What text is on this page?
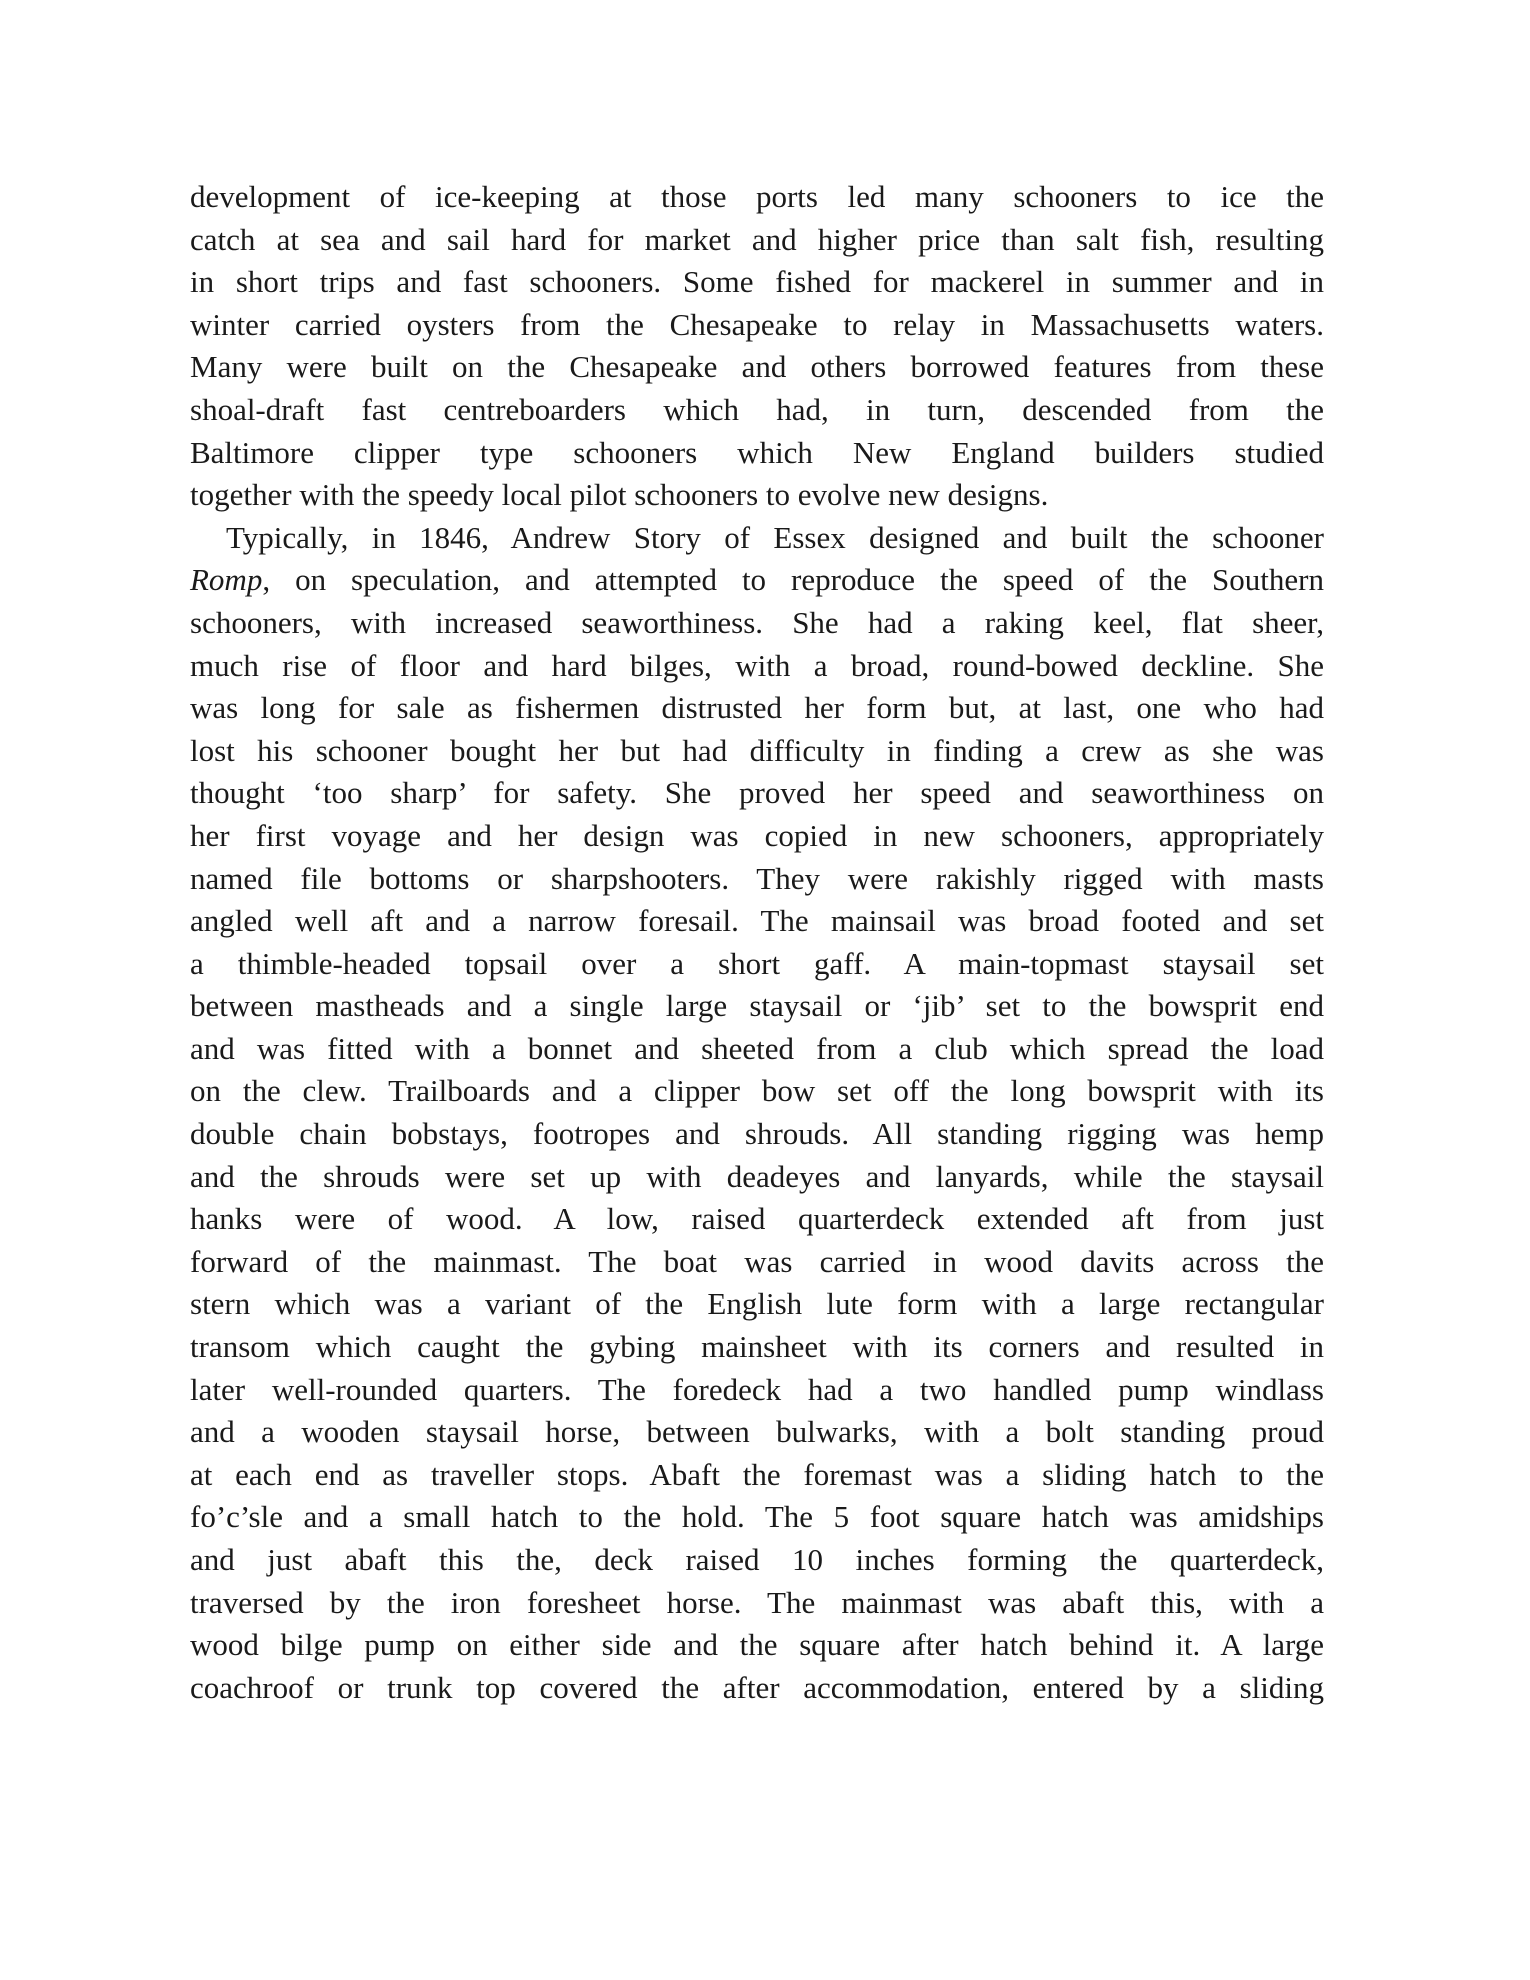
development of ice-keeping at those ports led many schooners to ice the
catch at sea and sail hard for market and higher price than salt fish, resulting
in short trips and fast schooners. Some fished for mackerel in summer and in
winter carried oysters from the Chesapeake to relay in Massachusetts waters.
Many were built on the Chesapeake and others borrowed features from these
shoal-draft fast centreboarders which had, in turn, descended from the
Baltimore clipper type schooners which New England builders studied
together with the speedy local pilot schooners to evolve new designs.
Typically, in 1846, Andrew Story of Essex designed and built the schooner
Romp, on speculation, and attempted to reproduce the speed of the Southern
schooners, with increased seaworthiness. She had a raking keel, flat sheer,
much rise of floor and hard bilges, with a broad, round-bowed deckline. She
was long for sale as fishermen distrusted her form but, at last, one who had
lost his schooner bought her but had difficulty in finding a crew as she was
thought ‘too sharp’ for safety. She proved her speed and seaworthiness on
her first voyage and her design was copied in new schooners, appropriately
named file bottoms or sharpshooters. They were rakishly rigged with masts
angled well aft and a narrow foresail. The mainsail was broad footed and set
a thimble-headed topsail over a short gaff. A main-topmast staysail set
between mastheads and a single large staysail or ‘jib’ set to the bowsprit end
and was fitted with a bonnet and sheeted from a club which spread the load
on the clew. Trailboards and a clipper bow set off the long bowsprit with its
double chain bobstays, footropes and shrouds. All standing rigging was hemp
and the shrouds were set up with deadeyes and lanyards, while the staysail
hanks were of wood. A low, raised quarterdeck extended aft from just
forward of the mainmast. The boat was carried in wood davits across the
stern which was a variant of the English lute form with a large rectangular
transom which caught the gybing mainsheet with its corners and resulted in
later well-rounded quarters. The foredeck had a two handled pump windlass
and a wooden staysail horse, between bulwarks, with a bolt standing proud
at each end as traveller stops. Abaft the foremast was a sliding hatch to the
fo’c’sle and a small hatch to the hold. The 5 foot square hatch was amidships
and just abaft this the, deck raised 10 inches forming the quarterdeck,
traversed by the iron foresheet horse. The mainmast was abaft this, with a
wood bilge pump on either side and the square after hatch behind it. A large
coachroof or trunk top covered the after accommodation, entered by a sliding
